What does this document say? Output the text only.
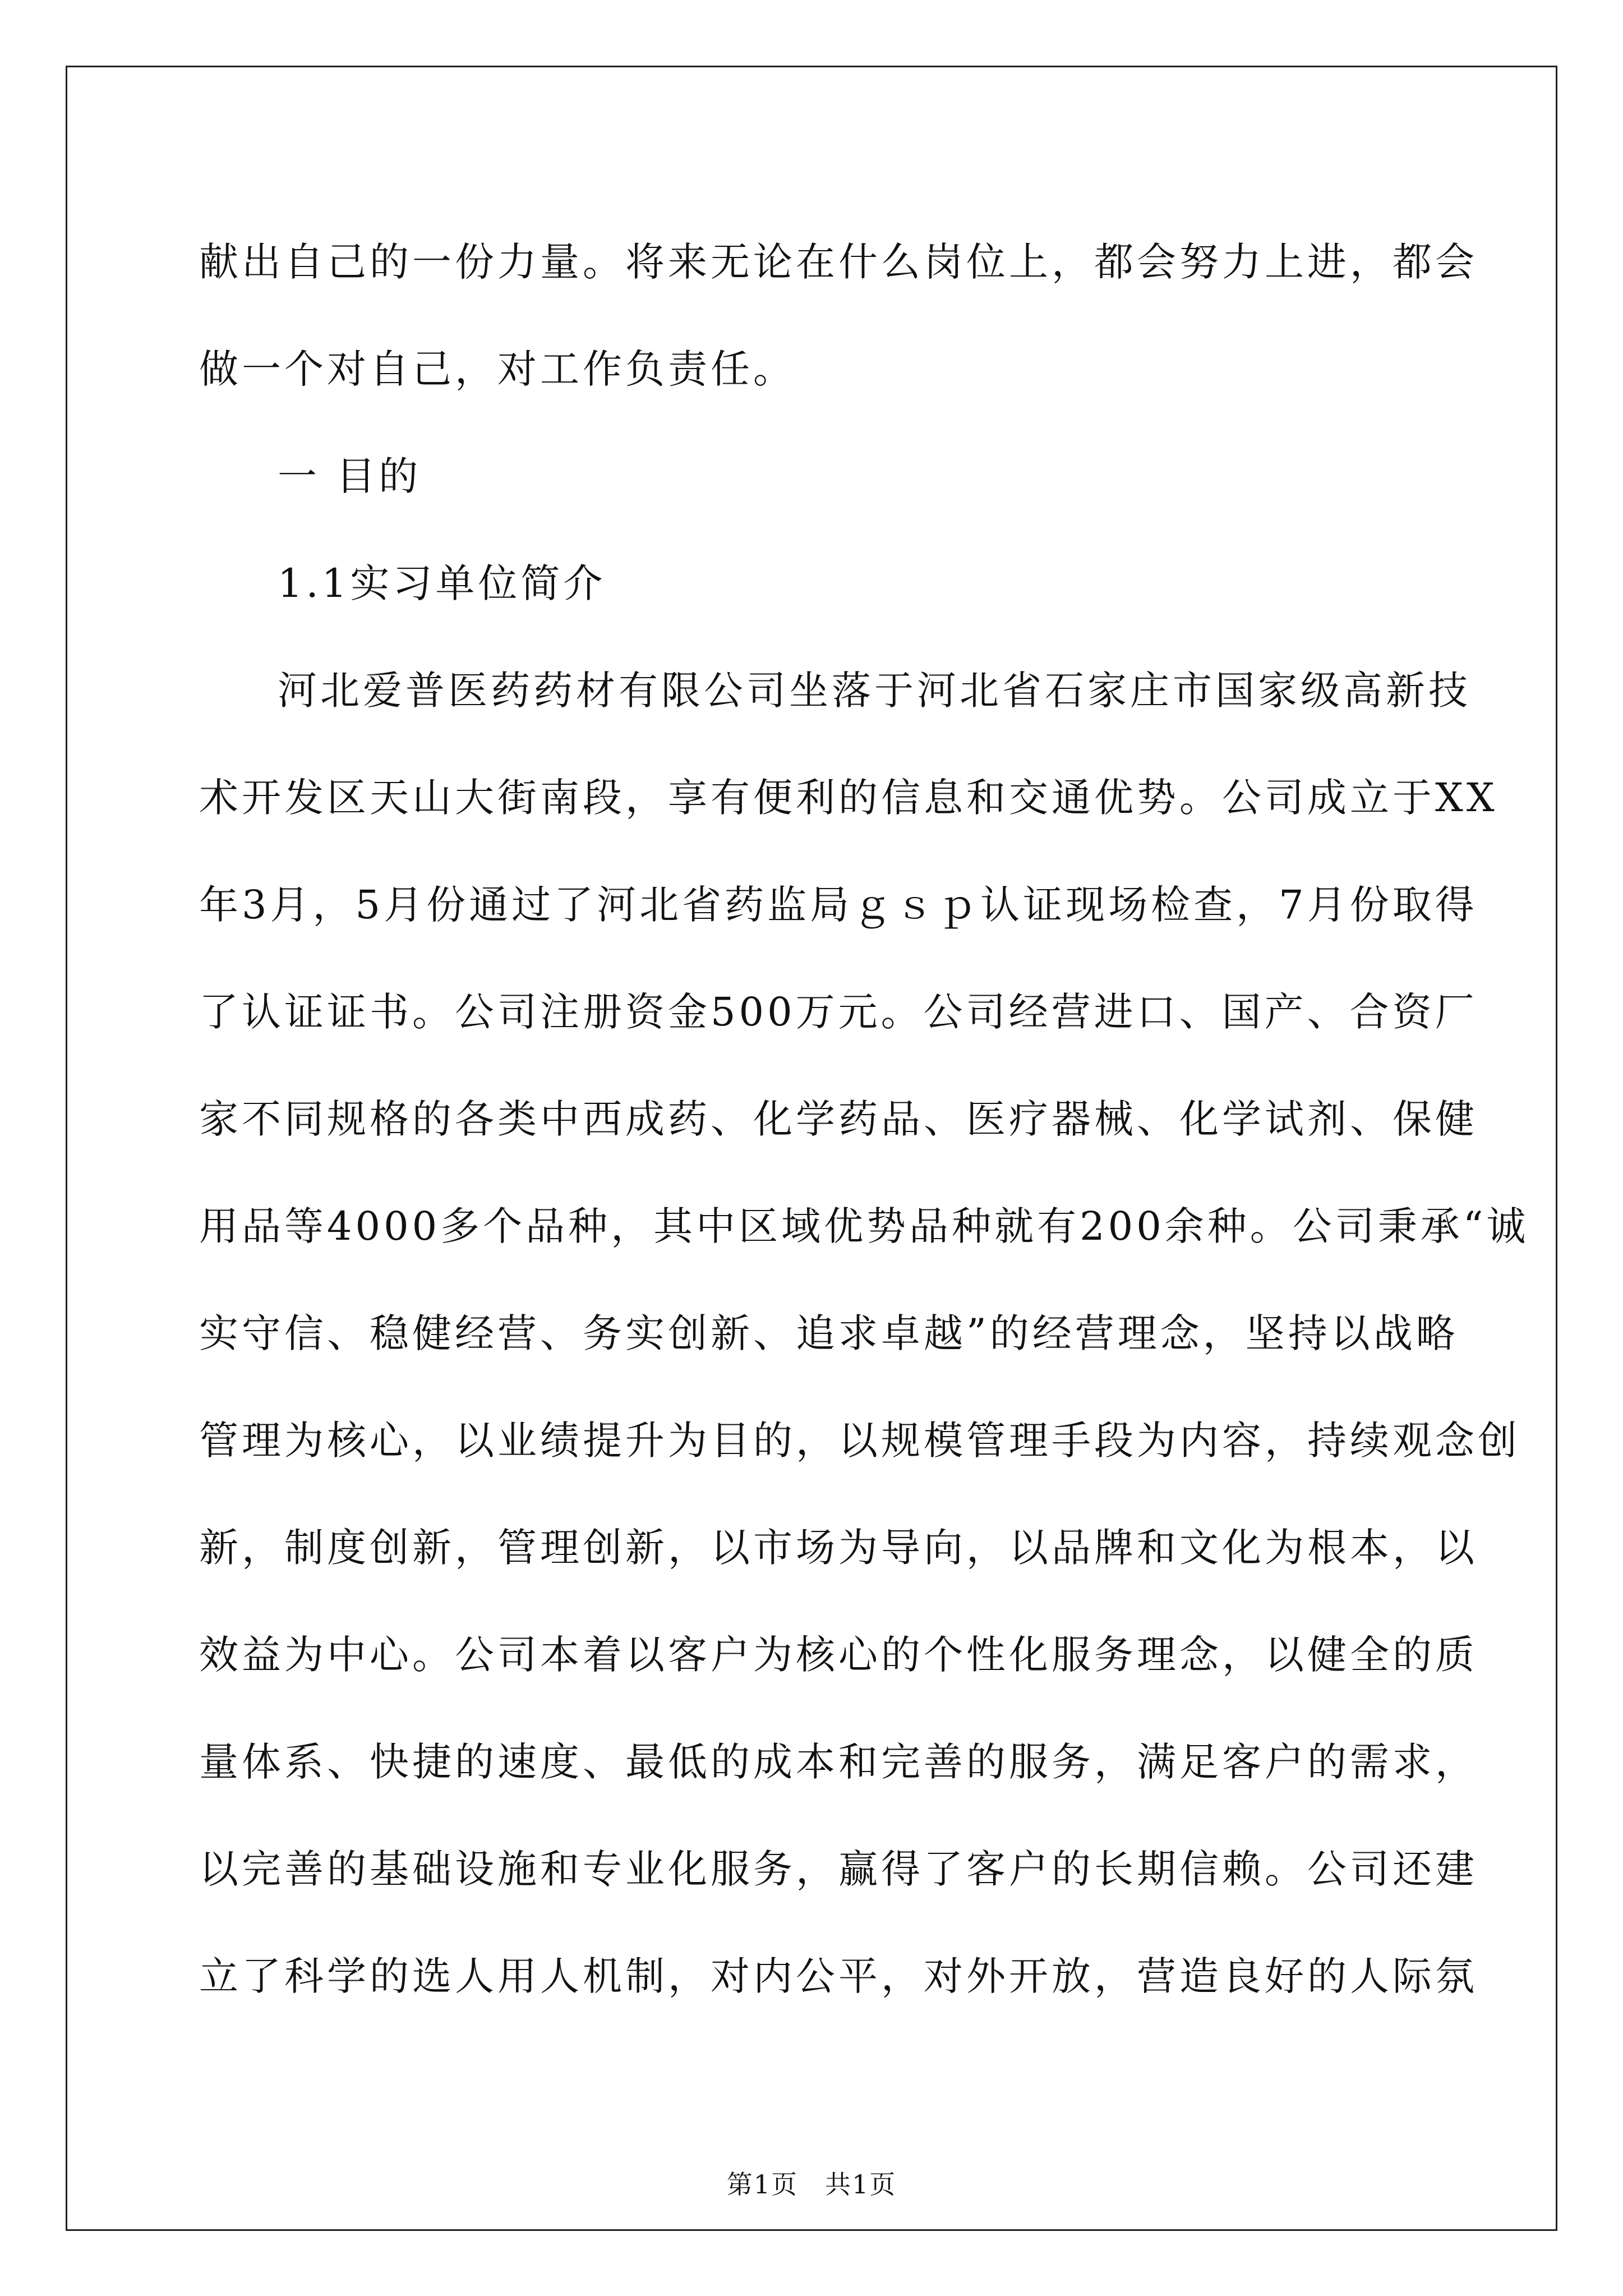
献出自己的一份力量。将来无论在什么岗位上，都会努力上进，都会
做一个对自己，对工作负责任。
一 目的
1.1实习单位简介
河北爱普医药药材有限公司坐落于河北省石家庄市国家级高新技
术开发区天山大街南段，享有便利的信息和交通优势。公司成立于XX
年3月，5月份通过了河北省药监局ｇｓｐ认证现场检查，7月份取得
了认证证书。公司注册资金500万元。公司经营进口、国产、合资厂
家不同规格的各类中西成药、化学药品、医疗器械、化学试剂、保健
用品等4000多个品种，其中区域优势品种就有200余种。公司秉承“诚
实守信、稳健经营、务实创新、追求卓越”的经营理念，坚持以战略
管理为核心，以业绩提升为目的，以规模管理手段为内容，持续观念创
新，制度创新，管理创新，以市场为导向，以品牌和文化为根本，以
效益为中心。公司本着以客户为核心的个性化服务理念，以健全的质
量体系、快捷的速度、最低的成本和完善的服务，满足客户的需求，
以完善的基础设施和专业化服务，赢得了客户的长期信赖。公司还建
立了科学的选人用人机制，对内公平，对外开放，营造良好的人际氛
第1页 共1页
